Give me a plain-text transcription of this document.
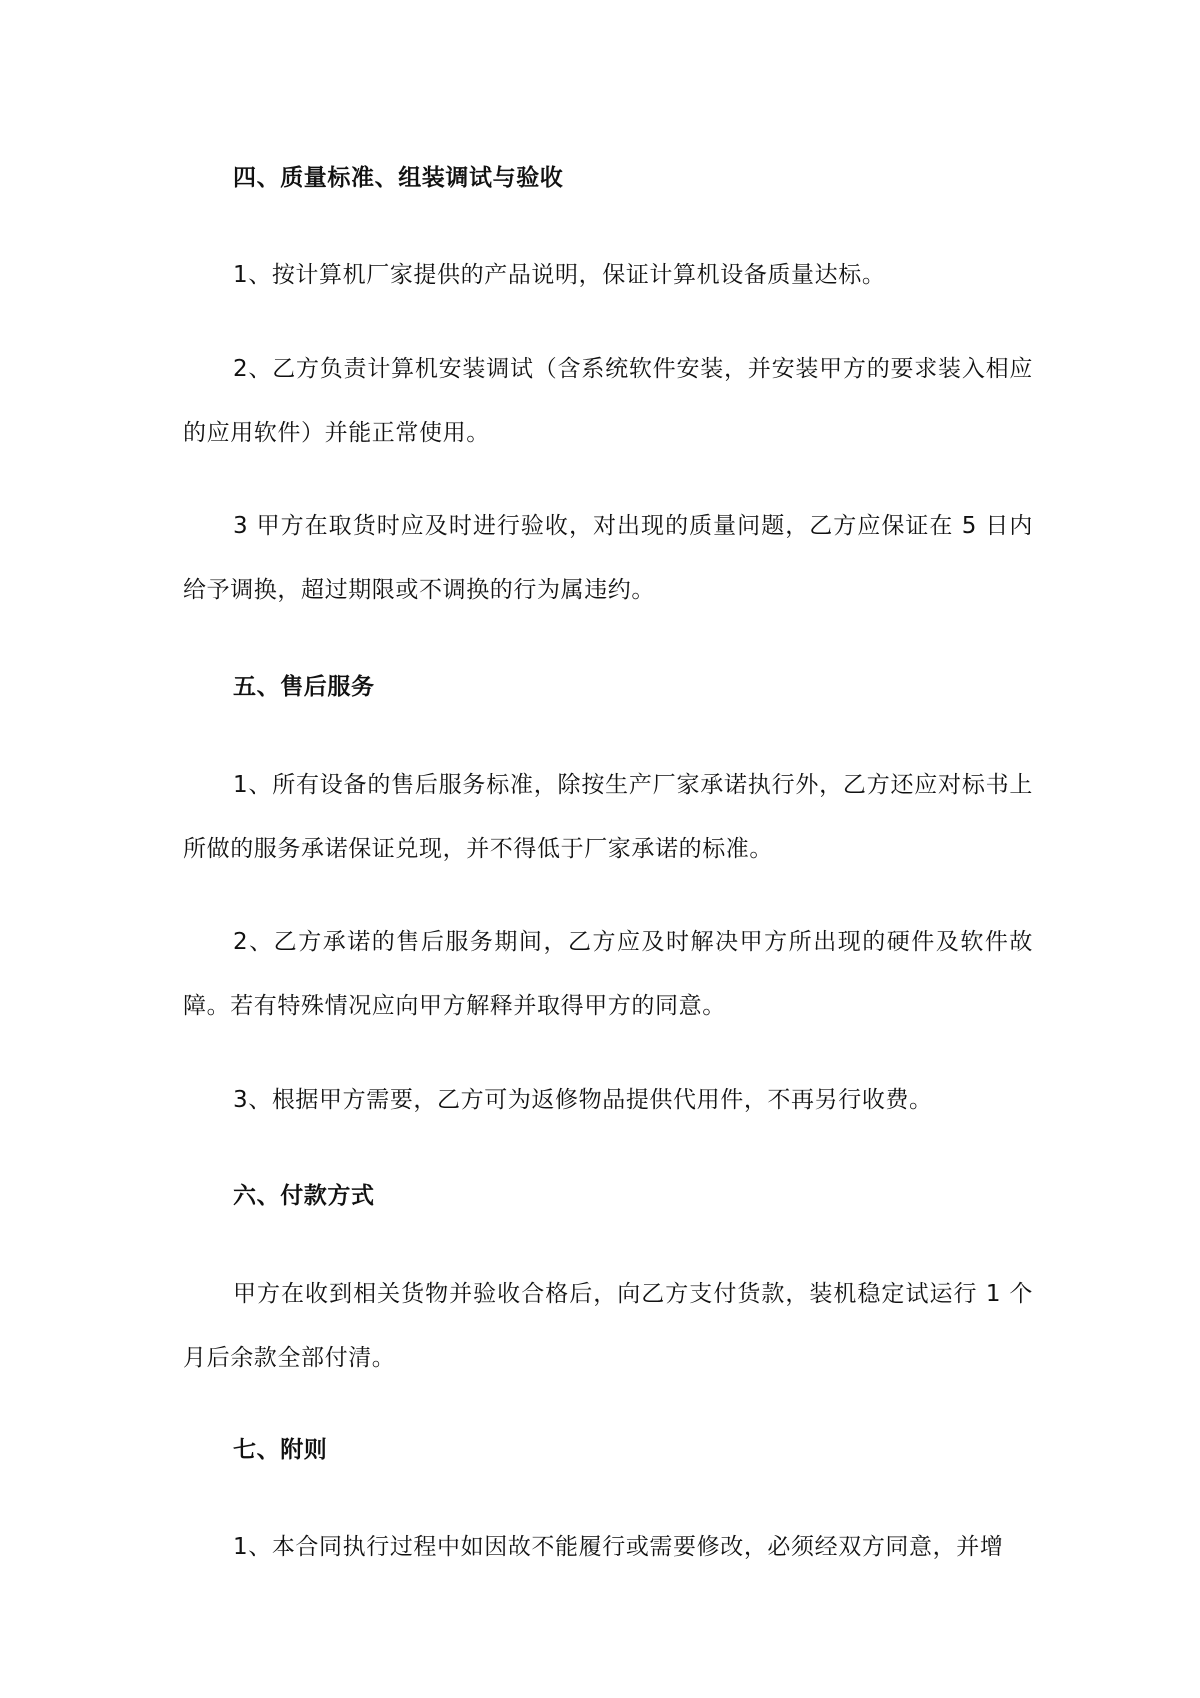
四、质量标准、组装调试与验收

1、按计算机厂家提供的产品说明，保证计算机设备质量达标。

2、乙方负责计算机安装调试（含系统软件安装，并安装甲方的要求装入相应的应用软件）并能正常使用。

3 甲方在取货时应及时进行验收，对出现的质量问题，乙方应保证在 5 日内给予调换，超过期限或不调换的行为属违约。

五、售后服务

1、所有设备的售后服务标准，除按生产厂家承诺执行外，乙方还应对标书上所做的服务承诺保证兑现，并不得低于厂家承诺的标准。

2、乙方承诺的售后服务期间，乙方应及时解决甲方所出现的硬件及软件故障。若有特殊情况应向甲方解释并取得甲方的同意。

3、根据甲方需要，乙方可为返修物品提供代用件，不再另行收费。

六、付款方式

甲方在收到相关货物并验收合格后，向乙方支付货款，装机稳定试运行 1 个月后余款全部付清。

七、附则

1、本合同执行过程中如因故不能履行或需要修改，必须经双方同意，并增
